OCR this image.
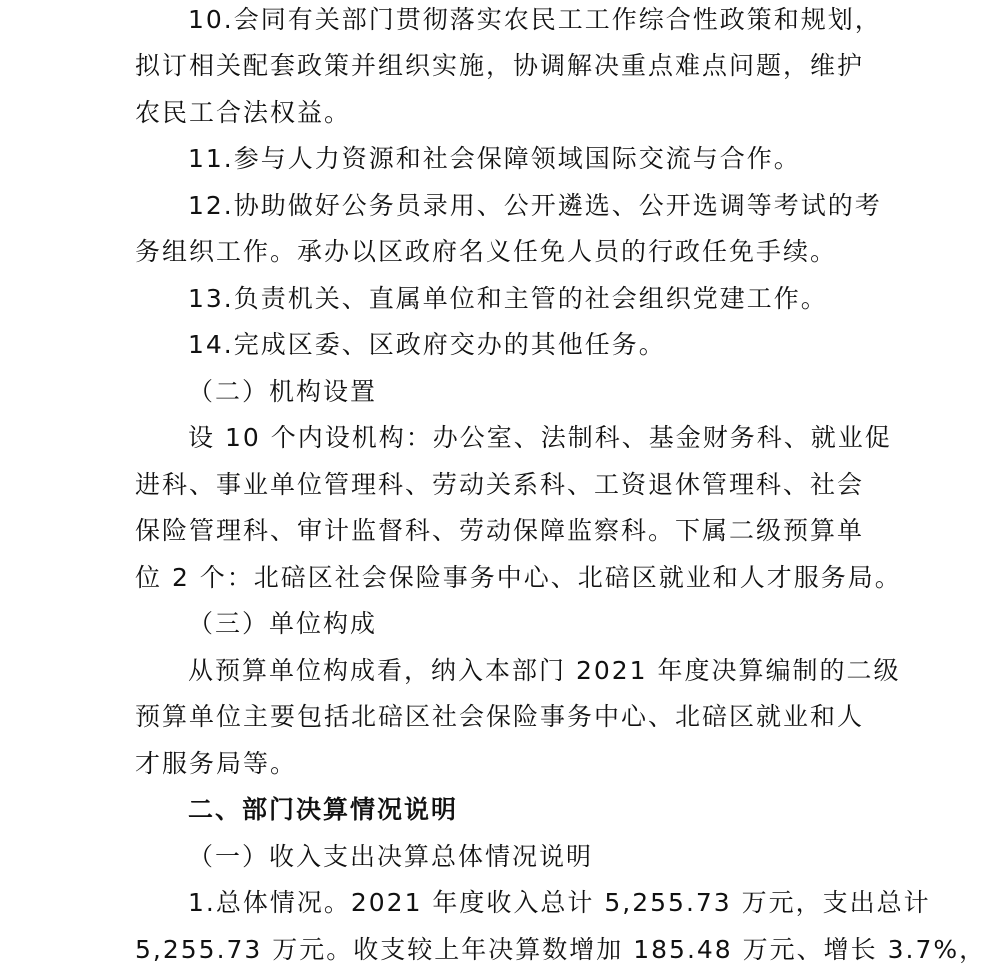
10.会同有关部门贯彻落实农民工工作综合性政策和规划，
拟订相关配套政策并组织实施，协调解决重点难点问题，维护
农民工合法权益。
11.参与人力资源和社会保障领域国际交流与合作。
12.协助做好公务员录用、公开遴选、公开选调等考试的考
务组织工作。承办以区政府名义任免人员的行政任免手续。
13.负责机关、直属单位和主管的社会组织党建工作。
14.完成区委、区政府交办的其他任务。
（二）机构设置
设 10 个内设机构：办公室、法制科、基金财务科、就业促
进科、事业单位管理科、劳动关系科、工资退休管理科、社会
保险管理科、审计监督科、劳动保障监察科。下属二级预算单
位 2 个：北碚区社会保险事务中心、北碚区就业和人才服务局。
（三）单位构成
从预算单位构成看，纳入本部门 2021 年度决算编制的二级
预算单位主要包括北碚区社会保险事务中心、北碚区就业和人
才服务局等。
二、部门决算情况说明
（一）收入支出决算总体情况说明
1.总体情况。2021 年度收入总计 5,255.73 万元，支出总计
5,255.73 万元。收支较上年决算数增加 185.48 万元、增长 3.7%，
